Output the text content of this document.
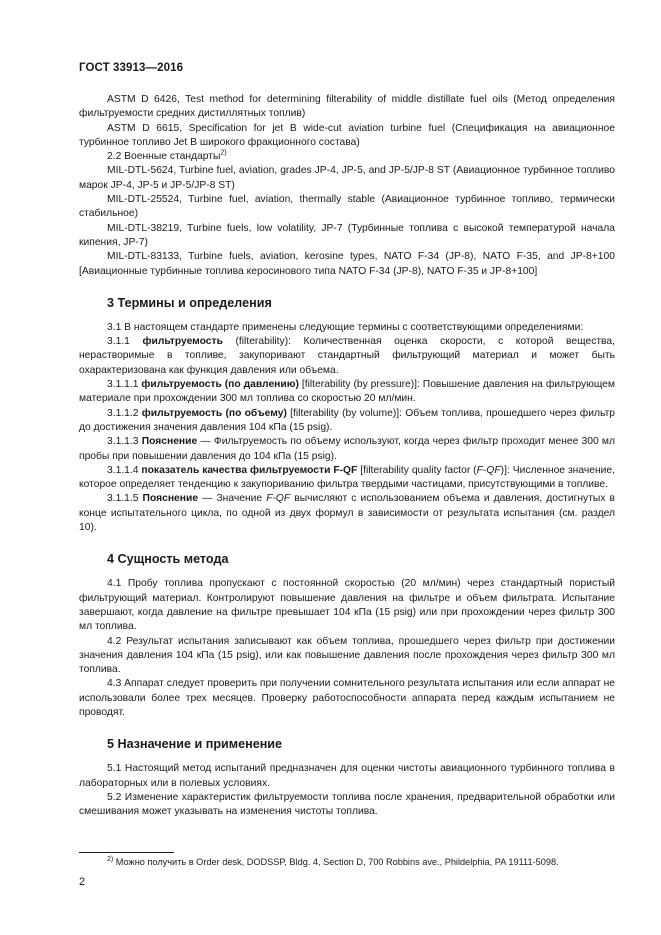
ГОСТ 33913—2016

ASTM D 6426, Test method for determining filterability of middle distillate fuel oils (Метод определения фильтруемости средних дистиллятных топлив)

ASTM D 6615, Specification for jet B wide-cut aviation turbine fuel (Спецификация на авиационное турбинное топливо Jet B широкого фракционного состава)

2.2 Военные стандарты$^{2)}$

MIL-DTL-5624, Turbine fuel, aviation, grades JP-4, JP-5, and JP-5/JP-8 ST (Авиационное турбинное топливо марок JP-4, JP-5 и JP-5/JP-8 ST)

MIL-DTL-25524, Turbine fuel, aviation, thermally stable (Авиационное турбинное топливо, термически стабильное)

MIL-DTL-38219, Turbine fuels, low volatility, JP-7 (Турбинные топлива с высокой температурой начала кипения, JP-7)

MIL-DTL-83133, Turbine fuels, aviation, kerosine types, NATO F-34 (JP-8), NATO F-35, and JP-8+100 [Авиационные турбинные топлива керосинового типа NATO F-34 (JP-8), NATO F-35 и JP-8+100]

3 Термины и определения

3.1 В настоящем стандарте применены следующие термины с соответствующими определениями:

3.1.1 фильтруемость (filterability): Количественная оценка скорости, с которой вещества, нерастворимые в топливе, закупоривают стандартный фильтрующий материал и может быть охарактеризована как функция давления или объема.

3.1.1.1 фильтруемость (по давлению) [filterability (by pressure)]: Повышение давления на фильтрующем материале при прохождении 300 мл топлива со скоростью 20 мл/мин.

3.1.1.2 фильтруемость (по объему) [filterability (by volume)]: Объем топлива, прошедшего через фильтр до достижения значения давления 104 кПа (15 psig).

3.1.1.3 Пояснение — Фильтруемость по объему используют, когда через фильтр проходит менее 300 мл пробы при повышении давления до 104 кПа (15 psig).

3.1.1.4 показатель качества фильтруемости F-QF [filterability quality factor (F-QF)]: Численное значение, которое определяет тенденцию к закупориванию фильтра твердыми частицами, присутствующими в топливе.

3.1.1.5 Пояснение — Значение F-QF вычисляют с использованием объема и давления, достигнутых в конце испытательного цикла, по одной из двух формул в зависимости от результата испытания (см. раздел 10).

4 Сущность метода

4.1 Пробу топлива пропускают с постоянной скоростью (20 мл/мин) через стандартный пористый фильтрующий материал. Контролируют повышение давления на фильтре и объем фильтрата. Испытание завершают, когда давление на фильтре превышает 104 кПа (15 psig) или при прохождении через фильтр 300 мл топлива.

4.2 Результат испытания записывают как объем топлива, прошедшего через фильтр при достижении значения давления 104 кПа (15 psig), или как повышение давления после прохождения через фильтр 300 мл топлива.

4.3 Аппарат следует проверить при получении сомнительного результата испытания или если аппарат не использовали более трех месяцев. Проверку работоспособности аппарата перед каждым испытанием не проводят.

5 Назначение и применение

5.1 Настоящий метод испытаний предназначен для оценки чистоты авиационного турбинного топлива в лабораторных или в полевых условиях.

5.2 Изменение характеристик фильтруемости топлива после хранения, предварительной обработки или смешивания может указывать на изменения чистоты топлива.

$^{2)}$ Можно получить в Order desk, DODSSP, Bldg. 4, Section D, 700 Robbins ave., Phildelphia, PA 19111-5098.
2
